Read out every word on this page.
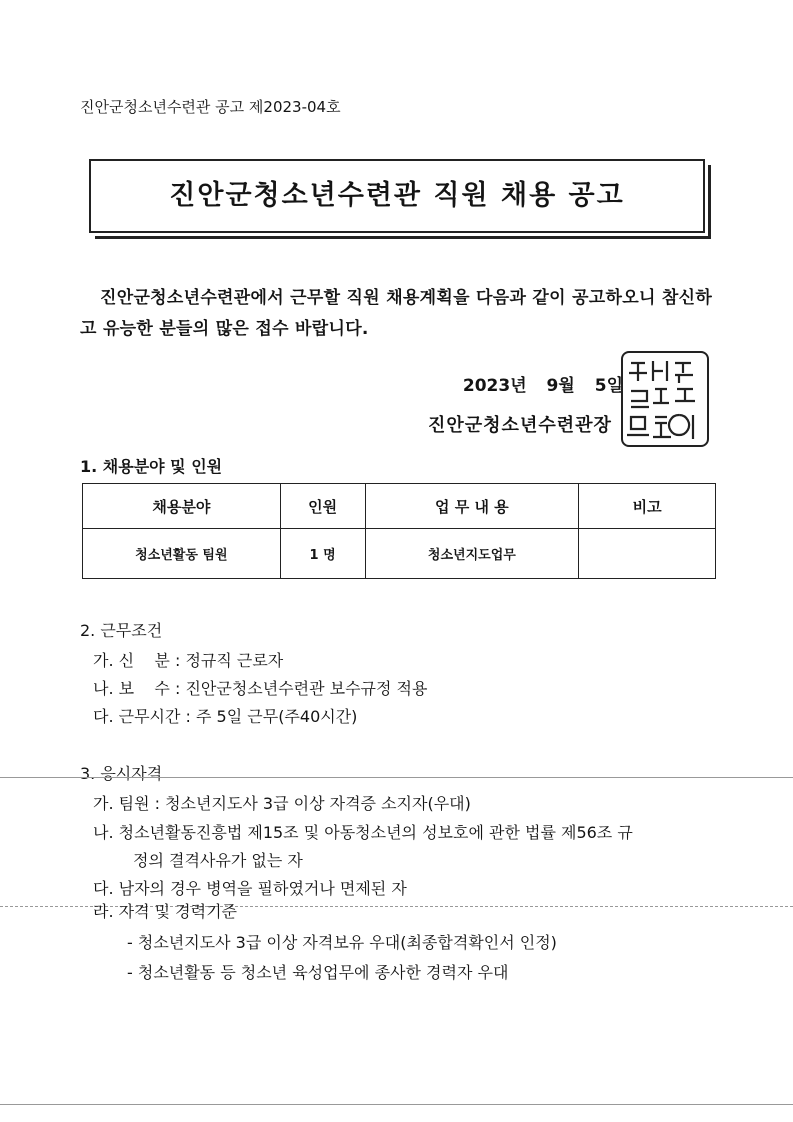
진안군청소년수련관 공고 제2023-04호
진안군청소년수련관 직원 채용 공고
진안군청소년수련관에서 근무할 직원 채용계획을 다음과 같이 공고하오니 참신하고 유능한 분들의 많은 접수 바랍니다.
2023년 9월 5일
진안군청소년수련관장
1. 채용분야 및 인원
채용분야	인원	업 무 내 용	비고
청소년활동 팀원	1 명	청소년지도업무	
2. 근무조건
가. 신    분 : 정규직 근로자
나. 보    수 : 진안군청소년수련관 보수규정 적용
다. 근무시간 : 주 5일 근무(주40시간)
3. 응시자격
가. 팀원 : 청소년지도사 3급 이상 자격증 소지자(우대)
나. 청소년활동진흥법 제15조 및 아동청소년의 성보호에 관한 법률 제56조 규
정의 결격사유가 없는 자
다. 남자의 경우 병역을 필하였거나 면제된 자
라. 자격 및 경력기준
- 청소년지도사 3급 이상 자격보유 우대(최종합격확인서 인정)
- 청소년활동 등 청소년 육성업무에 종사한 경력자 우대
